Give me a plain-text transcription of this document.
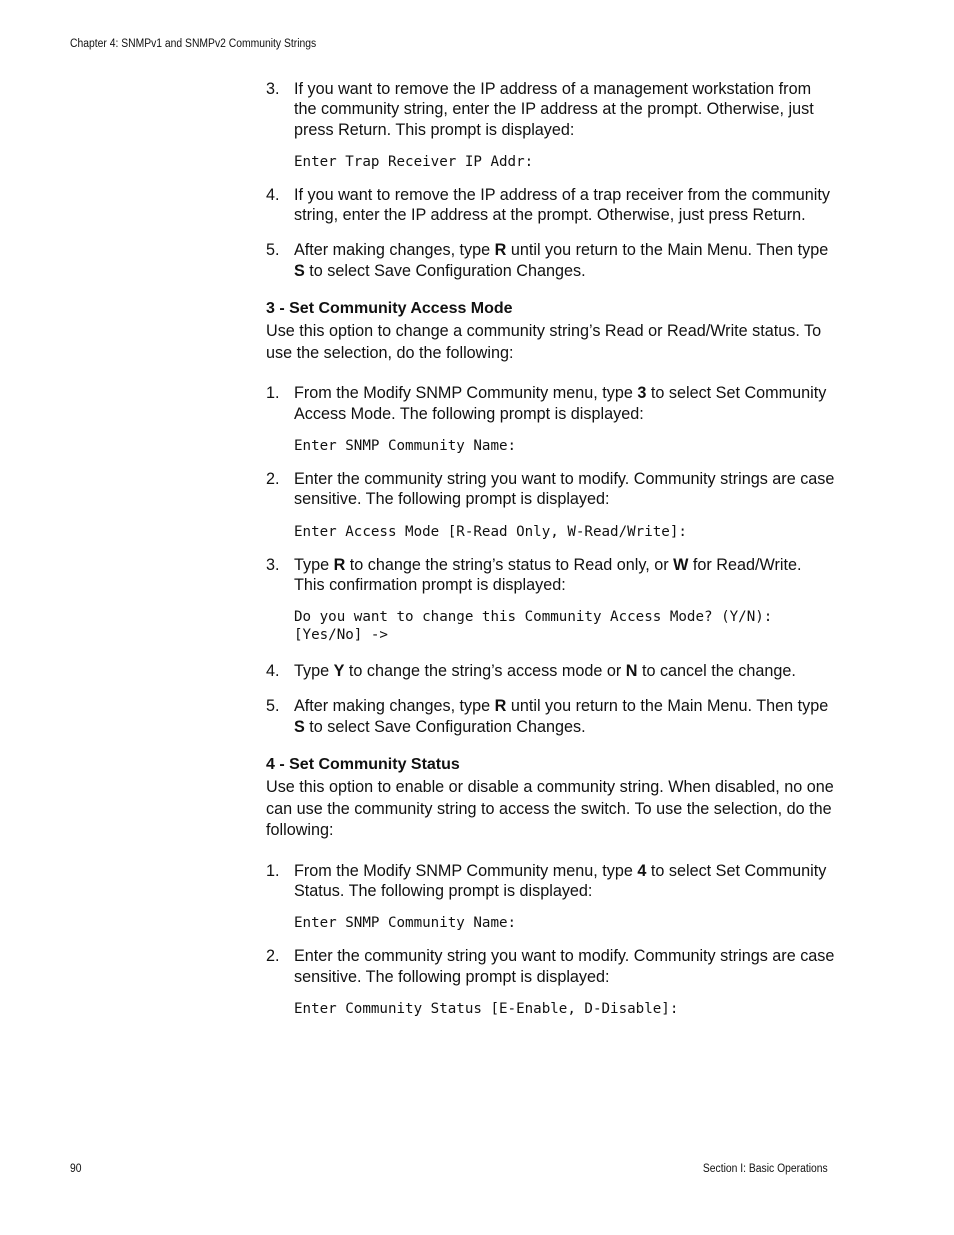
Chapter 4: SNMPv1 and SNMPv2 Community Strings
3. If you want to remove the IP address of a management workstation from the community string, enter the IP address at the prompt. Otherwise, just press Return. This prompt is displayed:
Enter Trap Receiver IP Addr:
4. If you want to remove the IP address of a trap receiver from the community string, enter the IP address at the prompt. Otherwise, just press Return.
5. After making changes, type R until you return to the Main Menu. Then type S to select Save Configuration Changes.
3 - Set Community Access Mode
Use this option to change a community string’s Read or Read/Write status. To use the selection, do the following:
1. From the Modify SNMP Community menu, type 3 to select Set Community Access Mode. The following prompt is displayed:
Enter SNMP Community Name:
2. Enter the community string you want to modify. Community strings are case sensitive. The following prompt is displayed:
Enter Access Mode [R-Read Only, W-Read/Write]:
3. Type R to change the string’s status to Read only, or W for Read/Write. This confirmation prompt is displayed:
Do you want to change this Community Access Mode? (Y/N):
[Yes/No] ->
4. Type Y to change the string’s access mode or N to cancel the change.
5. After making changes, type R until you return to the Main Menu. Then type S to select Save Configuration Changes.
4 - Set Community Status
Use this option to enable or disable a community string. When disabled, no one can use the community string to access the switch. To use the selection, do the following:
1. From the Modify SNMP Community menu, type 4 to select Set Community Status. The following prompt is displayed:
Enter SNMP Community Name:
2. Enter the community string you want to modify. Community strings are case sensitive. The following prompt is displayed:
Enter Community Status [E-Enable, D-Disable]:
90	Section I: Basic Operations
